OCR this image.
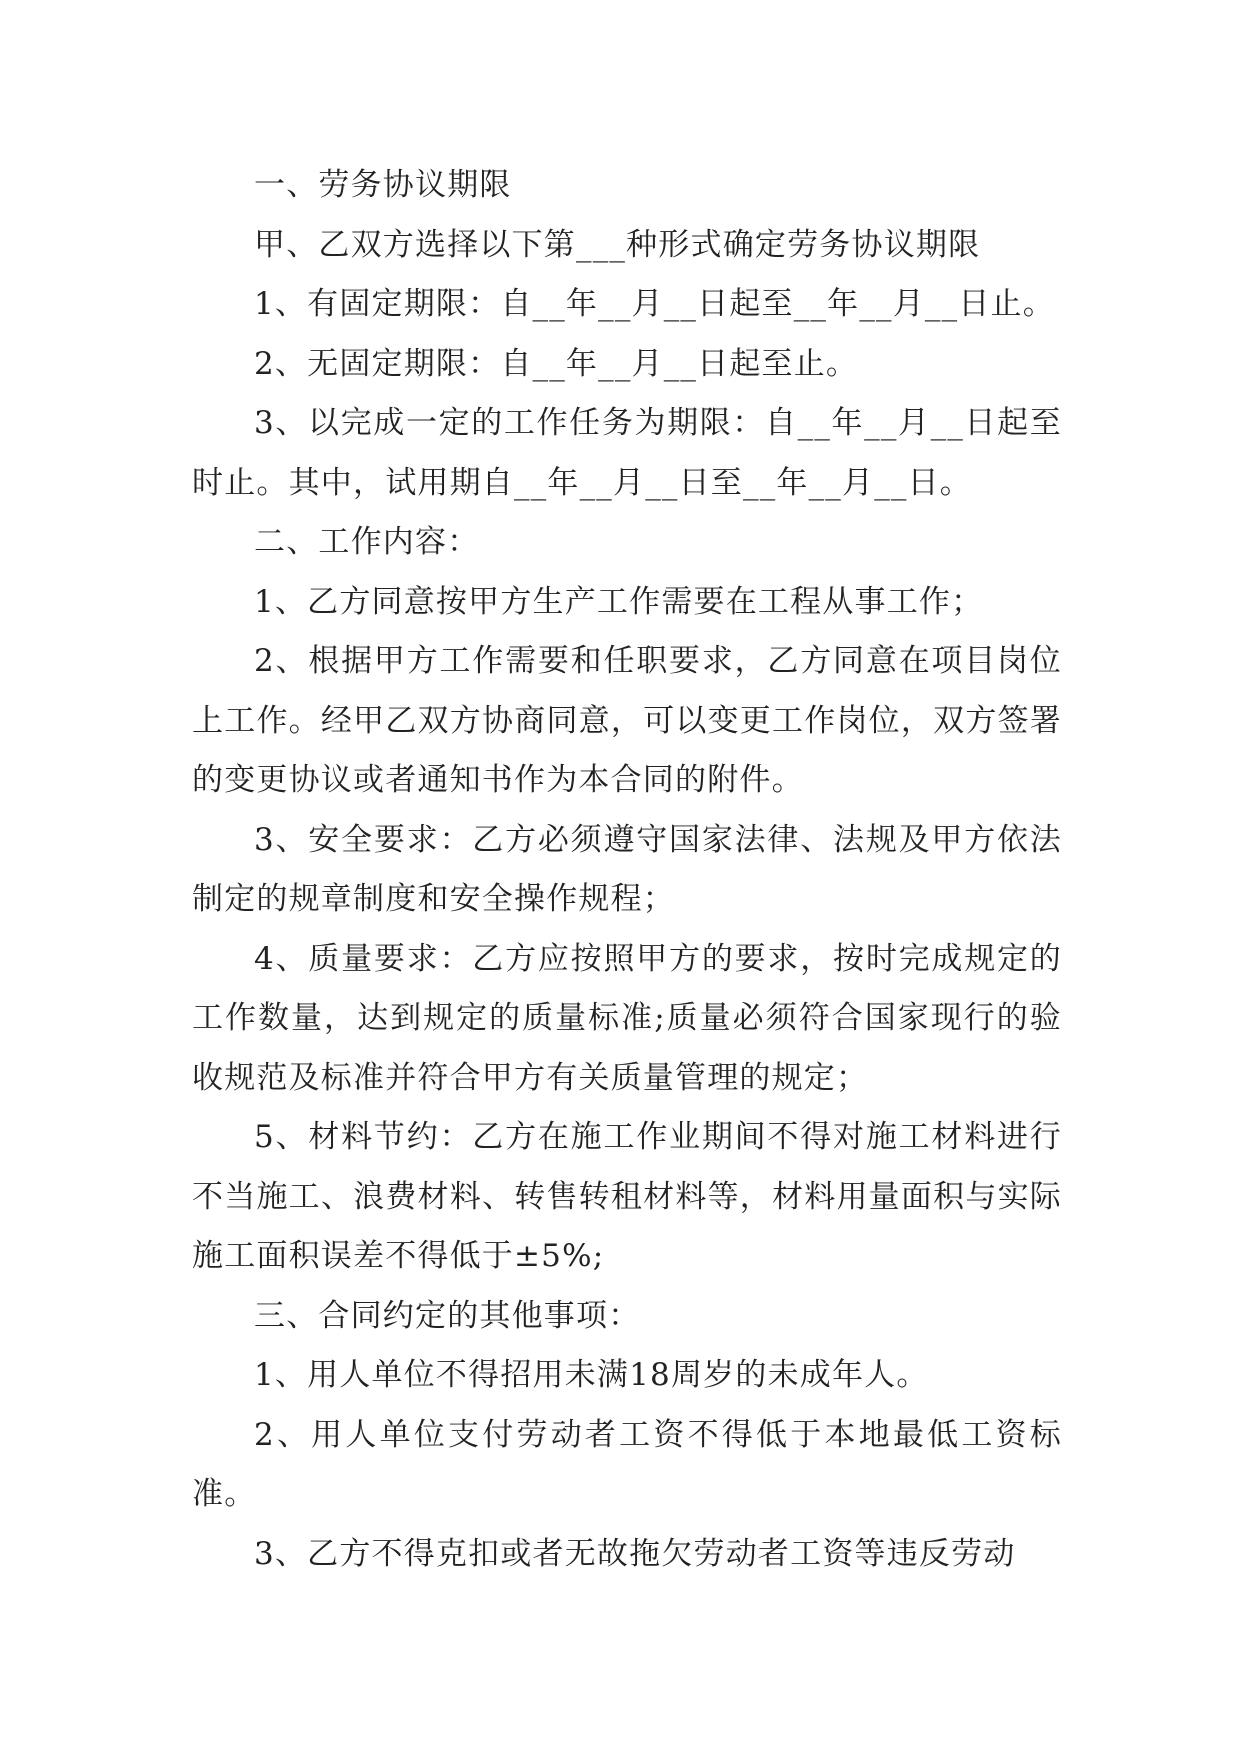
一、劳务协议期限

甲、乙双方选择以下第___种形式确定劳务协议期限

1、有固定期限：自__年__月__日起至__年__月__日止。

2、无固定期限：自__年__月__日起至止。

3、以完成一定的工作任务为期限：自__年__月__日起至时止。其中，试用期自__年__月__日至__年__月__日。

二、工作内容：

1、乙方同意按甲方生产工作需要在工程从事工作；

2、根据甲方工作需要和任职要求，乙方同意在项目岗位上工作。经甲乙双方协商同意，可以变更工作岗位，双方签署的变更协议或者通知书作为本合同的附件。

3、安全要求：乙方必须遵守国家法律、法规及甲方依法制定的规章制度和安全操作规程；

4、质量要求：乙方应按照甲方的要求，按时完成规定的工作数量，达到规定的质量标准;质量必须符合国家现行的验收规范及标准并符合甲方有关质量管理的规定；

5、材料节约：乙方在施工作业期间不得对施工材料进行不当施工、浪费材料、转售转租材料等，材料用量面积与实际施工面积误差不得低于±5%;

三、合同约定的其他事项：

1、用人单位不得招用未满18周岁的未成年人。

2、用人单位支付劳动者工资不得低于本地最低工资标准。

3、乙方不得克扣或者无故拖欠劳动者工资等违反劳动
